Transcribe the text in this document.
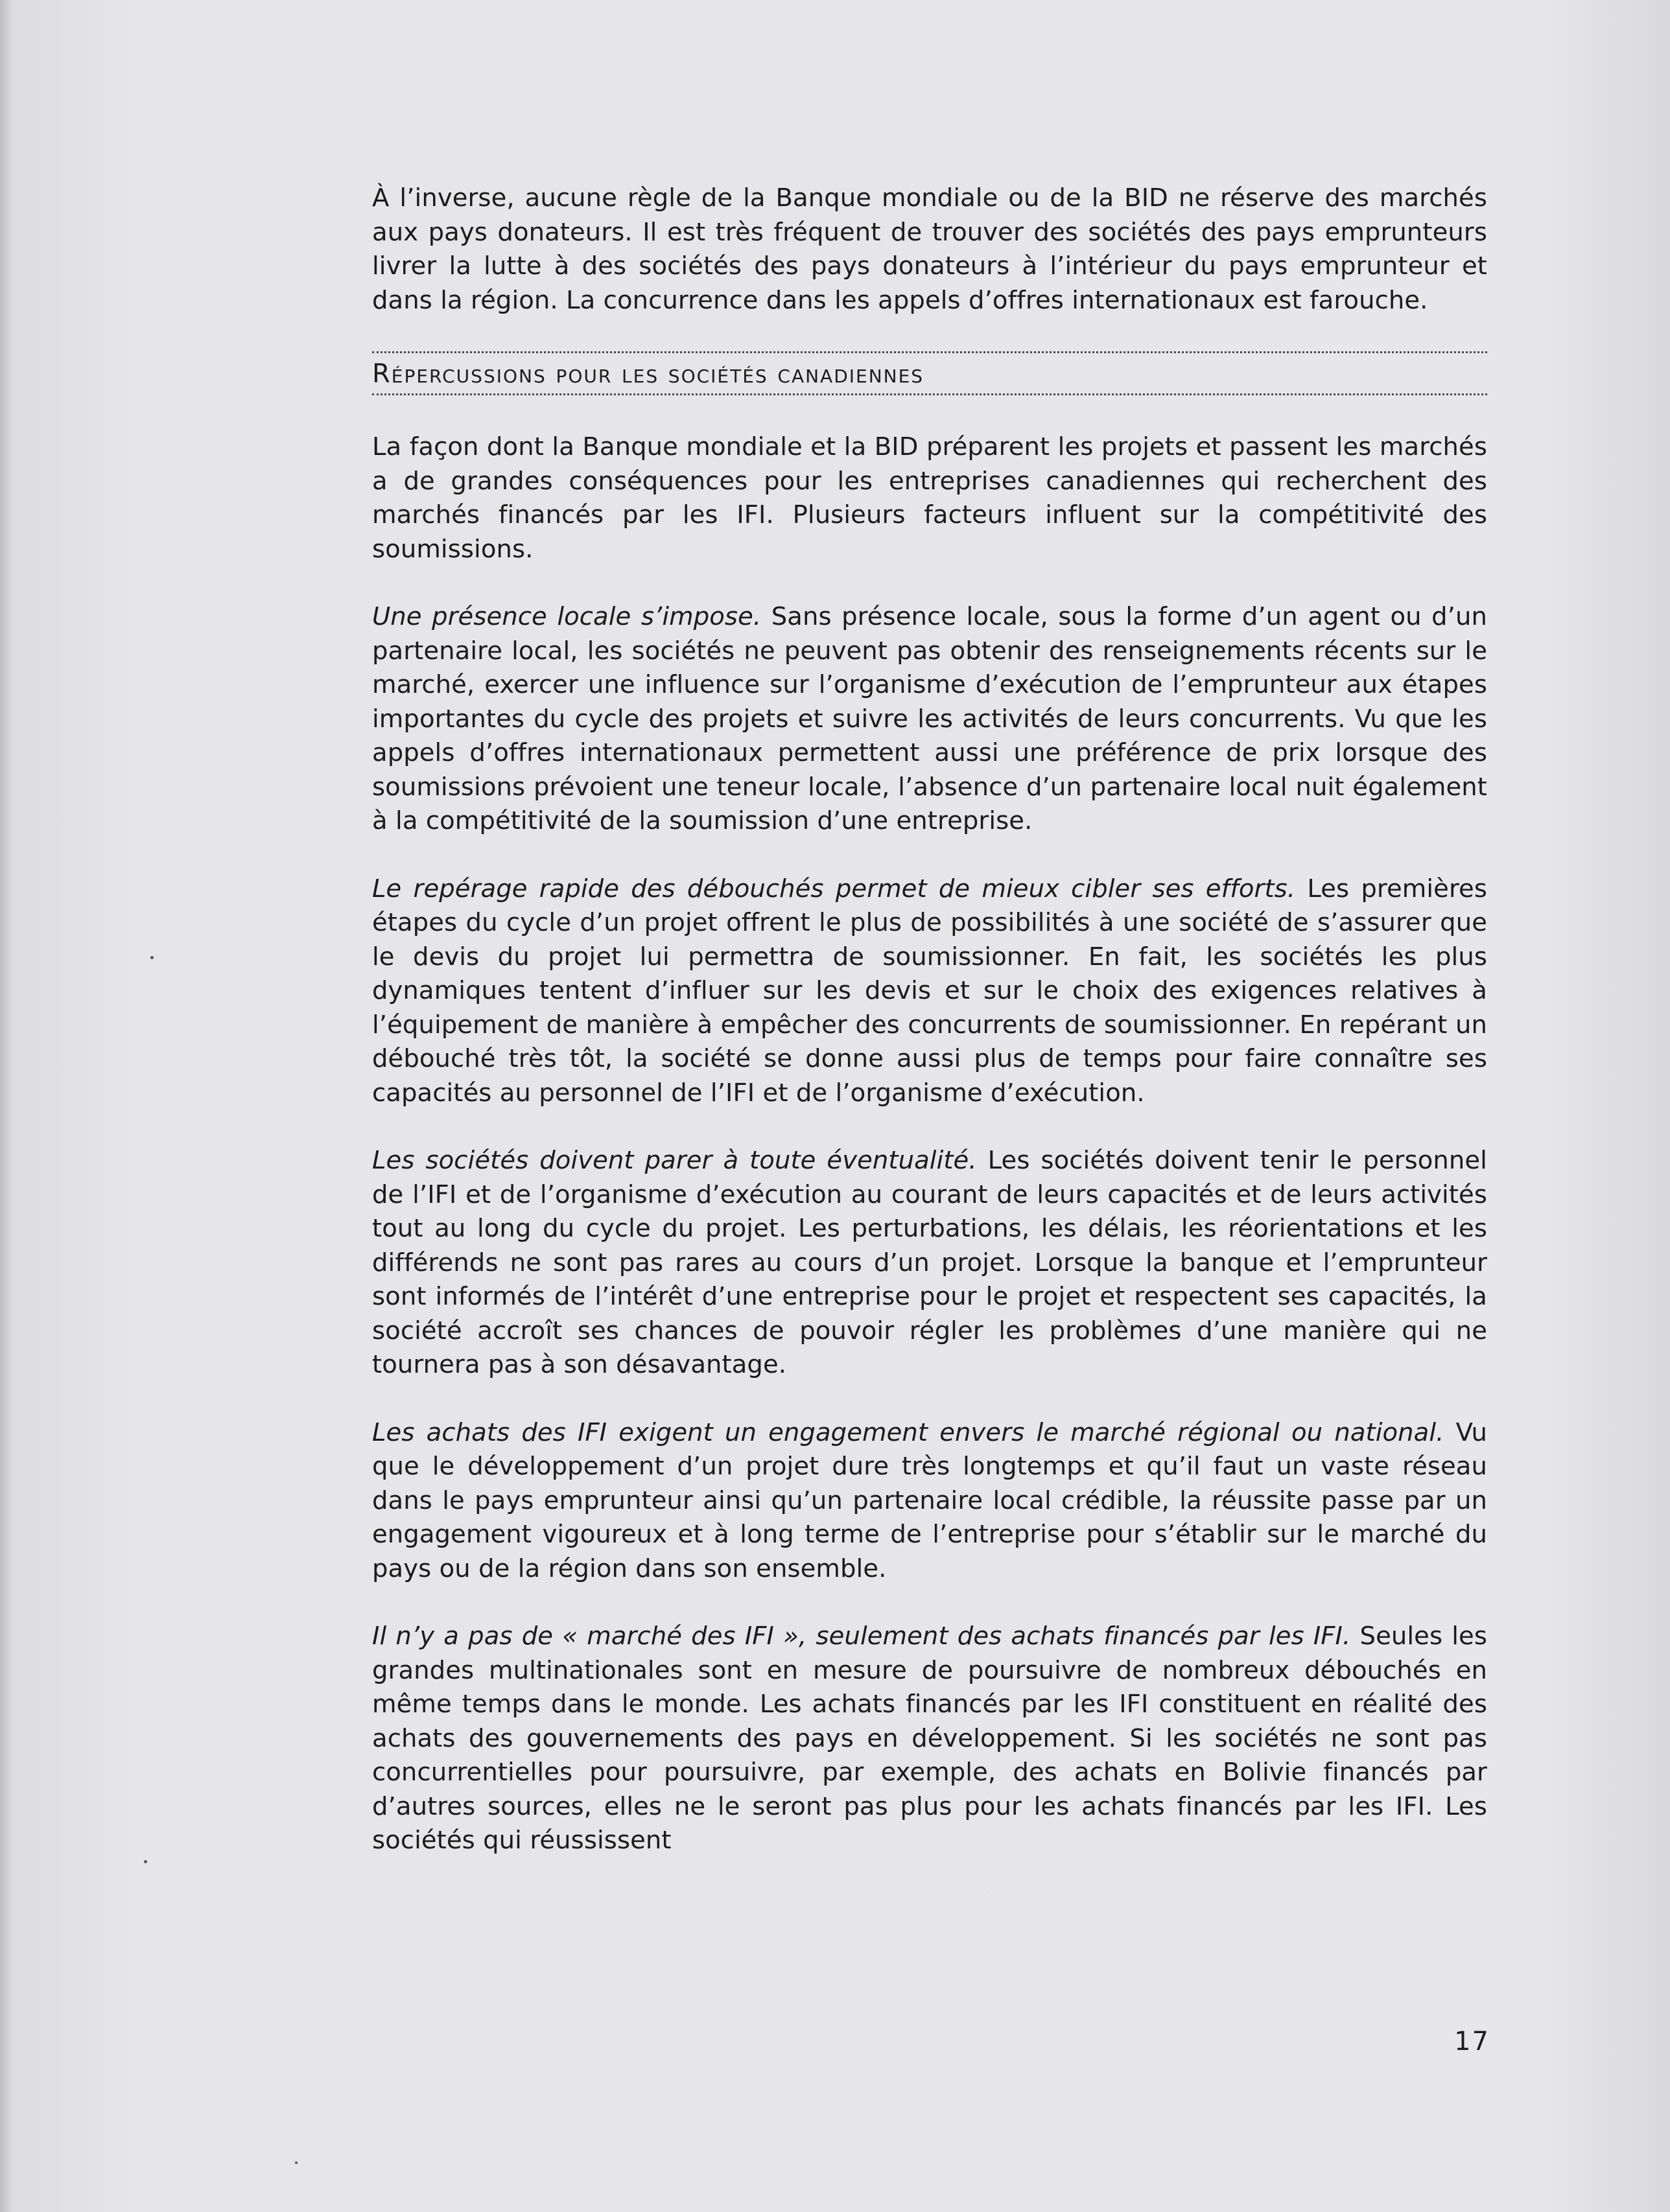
À l’inverse, aucune règle de la Banque mondiale ou de la BID ne réserve des marchés aux pays donateurs. Il est très fréquent de trouver des sociétés des pays emprunteurs livrer la lutte à des sociétés des pays donateurs à l’intérieur du pays emprunteur et dans la région. La concurrence dans les appels d’offres internationaux est farouche.

Répercussions pour les sociétés canadiennes

La façon dont la Banque mondiale et la BID préparent les projets et passent les marchés a de grandes conséquences pour les entreprises canadiennes qui recherchent des marchés financés par les IFI. Plusieurs facteurs influent sur la compétitivité des soumissions.

Une présence locale s’impose. Sans présence locale, sous la forme d’un agent ou d’un partenaire local, les sociétés ne peuvent pas obtenir des renseignements récents sur le marché, exercer une influence sur l’organisme d’exécution de l’emprunteur aux étapes importantes du cycle des projets et suivre les activités de leurs concurrents. Vu que les appels d’offres internationaux permettent aussi une préférence de prix lorsque des soumissions prévoient une teneur locale, l’absence d’un partenaire local nuit également à la compétitivité de la soumission d’une entreprise.

Le repérage rapide des débouchés permet de mieux cibler ses efforts. Les premières étapes du cycle d’un projet offrent le plus de possibilités à une société de s’assurer que le devis du projet lui permettra de soumissionner. En fait, les sociétés les plus dynamiques tentent d’influer sur les devis et sur le choix des exigences relatives à l’équipement de manière à empêcher des concurrents de soumissionner. En repérant un débouché très tôt, la société se donne aussi plus de temps pour faire connaître ses capacités au personnel de l’IFI et de l’organisme d’exécution.

Les sociétés doivent parer à toute éventualité. Les sociétés doivent tenir le personnel de l’IFI et de l’organisme d’exécution au courant de leurs capacités et de leurs activités tout au long du cycle du projet. Les perturbations, les délais, les réorientations et les différends ne sont pas rares au cours d’un projet. Lorsque la banque et l’emprunteur sont informés de l’intérêt d’une entreprise pour le projet et respectent ses capacités, la société accroît ses chances de pouvoir régler les problèmes d’une manière qui ne tournera pas à son désavantage.

Les achats des IFI exigent un engagement envers le marché régional ou national. Vu que le développement d’un projet dure très longtemps et qu’il faut un vaste réseau dans le pays emprunteur ainsi qu’un partenaire local crédible, la réussite passe par un engagement vigoureux et à long terme de l’entreprise pour s’établir sur le marché du pays ou de la région dans son ensemble.

Il n’y a pas de « marché des IFI », seulement des achats financés par les IFI. Seules les grandes multinationales sont en mesure de poursuivre de nombreux débouchés en même temps dans le monde. Les achats financés par les IFI constituent en réalité des achats des gouvernements des pays en développement. Si les sociétés ne sont pas concurrentielles pour poursuivre, par exemple, des achats en Bolivie financés par d’autres sources, elles ne le seront pas plus pour les achats financés par les IFI. Les sociétés qui réussissent

17
